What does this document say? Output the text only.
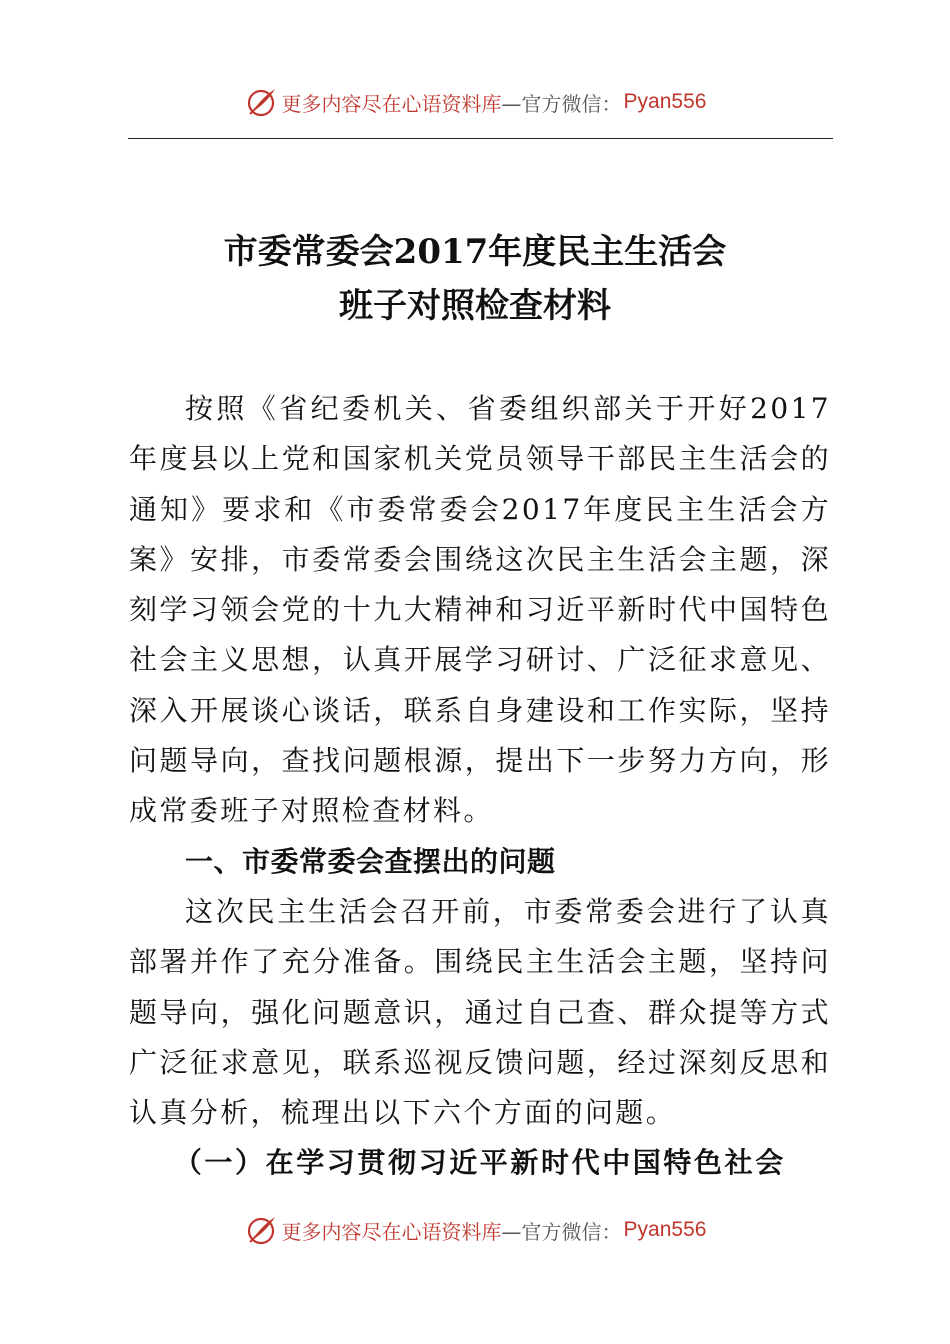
更多内容尽在心语资料库 —官方微信： Pyan556
市委常委会2017年度民主生活会
班子对照检查材料

按照《省纪委机关、省委组织部关于开好2017年度县以上党和国家机关党员领导干部民主生活会的通知》要求和《市委常委会2017年度民主生活会方案》安排，市委常委会围绕这次民主生活会主题，深刻学习领会党的十九大精神和习近平新时代中国特色社会主义思想，认真开展学习研讨、广泛征求意见、深入开展谈心谈话，联系自身建设和工作实际，坚持问题导向，查找问题根源，提出下一步努力方向，形成常委班子对照检查材料。

一、市委常委会查摆出的问题

这次民主生活会召开前，市委常委会进行了认真部署并作了充分准备。围绕民主生活会主题，坚持问题导向，强化问题意识，通过自己查、群众提等方式广泛征求意见，联系巡视反馈问题，经过深刻反思和认真分析，梳理出以下六个方面的问题。

（一）在学习贯彻习近平新时代中国特色社会

更多内容尽在心语资料库 —官方微信： Pyan556
